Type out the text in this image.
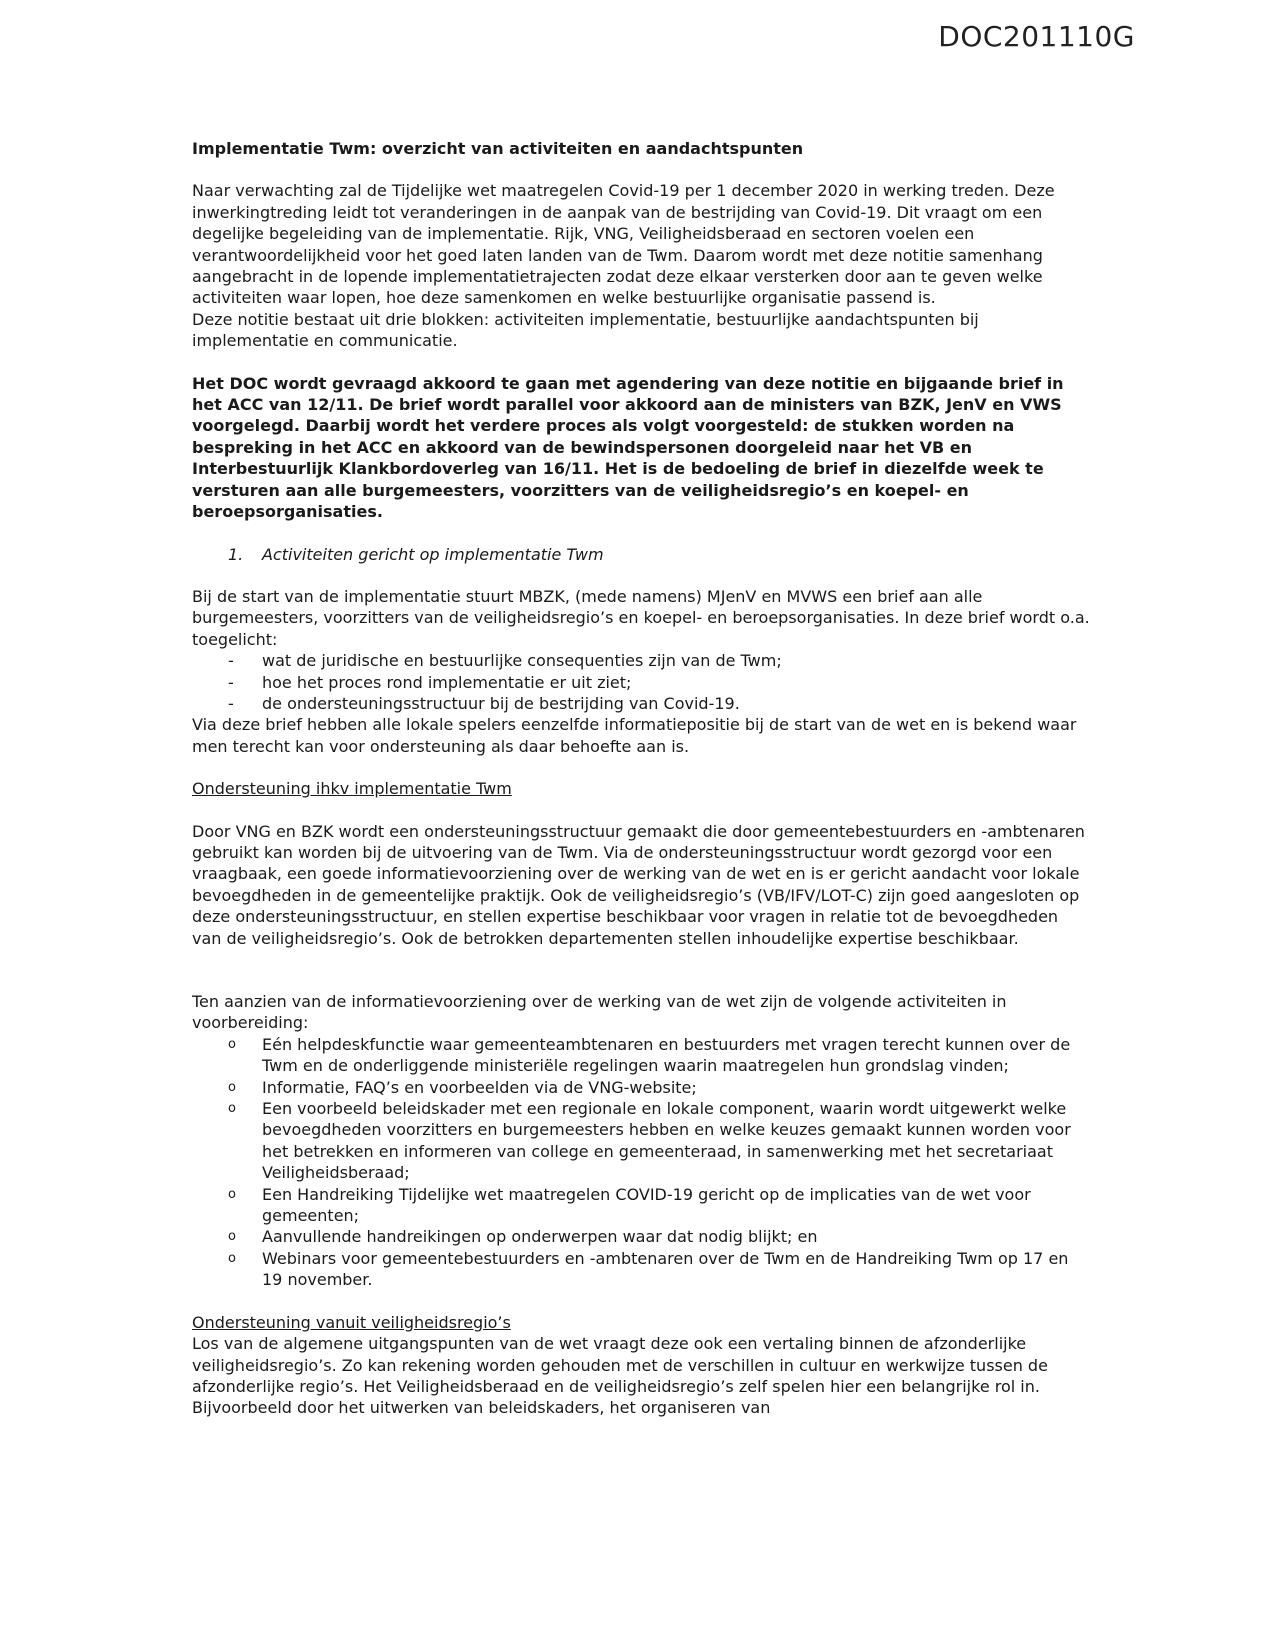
DOC201110G

Implementatie Twm: overzicht van activiteiten en aandachtspunten

Naar verwachting zal de Tijdelijke wet maatregelen Covid-19 per 1 december 2020 in werking treden. Deze inwerkingtreding leidt tot veranderingen in de aanpak van de bestrijding van Covid-19. Dit vraagt om een degelijke begeleiding van de implementatie. Rijk, VNG, Veiligheidsberaad en sectoren voelen een verantwoordelijkheid voor het goed laten landen van de Twm. Daarom wordt met deze notitie samenhang aangebracht in de lopende implementatietrajecten zodat deze elkaar versterken door aan te geven welke activiteiten waar lopen, hoe deze samenkomen en welke bestuurlijke organisatie passend is.

Deze notitie bestaat uit drie blokken: activiteiten implementatie, bestuurlijke aandachtspunten bij implementatie en communicatie.

Het DOC wordt gevraagd akkoord te gaan met agendering van deze notitie en bijgaande brief in het ACC van 12/11. De brief wordt parallel voor akkoord aan de ministers van BZK, JenV en VWS voorgelegd. Daarbij wordt het verdere proces als volgt voorgesteld: de stukken worden na bespreking in het ACC en akkoord van de bewindspersonen doorgeleid naar het VB en Interbestuurlijk Klankbordoverleg van 16/11. Het is de bedoeling de brief in diezelfde week te versturen aan alle burgemeesters, voorzitters van de veiligheidsregio’s en koepel- en beroepsorganisaties.

1. Activiteiten gericht op implementatie Twm

Bij de start van de implementatie stuurt MBZK, (mede namens) MJenV en MVWS een brief aan alle burgemeesters, voorzitters van de veiligheidsregio’s en koepel- en beroepsorganisaties. In deze brief wordt o.a. toegelicht:

- wat de juridische en bestuurlijke consequenties zijn van de Twm;
- hoe het proces rond implementatie er uit ziet;
- de ondersteuningsstructuur bij de bestrijding van Covid-19.

Via deze brief hebben alle lokale spelers eenzelfde informatiepositie bij de start van de wet en is bekend waar men terecht kan voor ondersteuning als daar behoefte aan is.

Ondersteuning ihkv implementatie Twm

Door VNG en BZK wordt een ondersteuningsstructuur gemaakt die door gemeentebestuurders en -ambtenaren gebruikt kan worden bij de uitvoering van de Twm. Via de ondersteuningsstructuur wordt gezorgd voor een vraagbaak, een goede informatievoorziening over de werking van de wet en is er gericht aandacht voor lokale bevoegdheden in de gemeentelijke praktijk. Ook de veiligheidsregio’s (VB/IFV/LOT-C) zijn goed aangesloten op deze ondersteuningsstructuur, en stellen expertise beschikbaar voor vragen in relatie tot de bevoegdheden van de veiligheidsregio’s. Ook de betrokken departementen stellen inhoudelijke expertise beschikbaar.

Ten aanzien van de informatievoorziening over de werking van de wet zijn de volgende activiteiten in voorbereiding:

o Eén helpdeskfunctie waar gemeenteambtenaren en bestuurders met vragen terecht kunnen over de Twm en de onderliggende ministeriële regelingen waarin maatregelen hun grondslag vinden;
o Informatie, FAQ’s en voorbeelden via de VNG-website;
o Een voorbeeld beleidskader met een regionale en lokale component, waarin wordt uitgewerkt welke bevoegdheden voorzitters en burgemeesters hebben en welke keuzes gemaakt kunnen worden voor het betrekken en informeren van college en gemeenteraad, in samenwerking met het secretariaat Veiligheidsberaad;
o Een Handreiking Tijdelijke wet maatregelen COVID-19 gericht op de implicaties van de wet voor gemeenten;
o Aanvullende handreikingen op onderwerpen waar dat nodig blijkt; en
o Webinars voor gemeentebestuurders en -ambtenaren over de Twm en de Handreiking Twm op 17 en 19 november.

Ondersteuning vanuit veiligheidsregio’s

Los van de algemene uitgangspunten van de wet vraagt deze ook een vertaling binnen de afzonderlijke veiligheidsregio’s. Zo kan rekening worden gehouden met de verschillen in cultuur en werkwijze tussen de afzonderlijke regio’s. Het Veiligheidsberaad en de veiligheidsregio’s zelf spelen hier een belangrijke rol in. Bijvoorbeeld door het uitwerken van beleidskaders, het organiseren van
